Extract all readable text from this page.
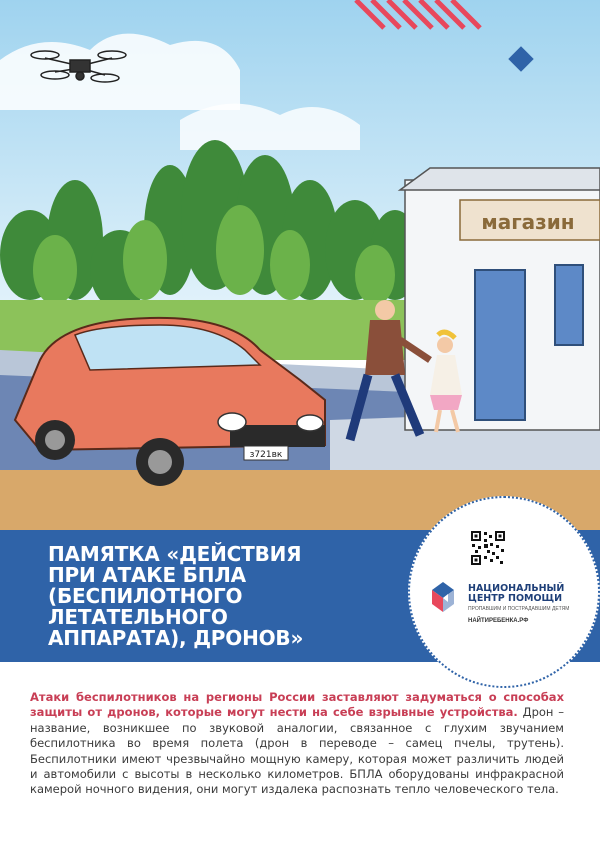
магазин
з721вк
ПАМЯТКА «ДЕЙСТВИЯ
ПРИ АТАКЕ БПЛА
(БЕСПИЛОТНОГО
ЛЕТАТЕЛЬНОГО
АППАРАТА), ДРОНОВ»
НАЦИОНАЛЬНЫЙ
ЦЕНТР ПОМОЩИ
ПРОПАВШИМ И ПОСТРАДАВШИМ ДЕТЯМ
НАЙТИРЕБЕНКА.РФ
Атаки беспилотников на регионы России заставляют задуматься о способах защиты от дронов, которые могут нести на себе взрывные устройства. Дрон – название, возникшее по звуковой аналогии, связанное с глухим звучанием беспилотника во время полета (дрон в переводе – самец пчелы, трутень). Беспилотники имеют чрезвычайно мощную камеру, которая может различить людей и автомобили с высоты в несколько километров. БПЛА оборудованы инфракрасной камерой ночного видения, они могут издалека распознать тепло человеческого тела.
